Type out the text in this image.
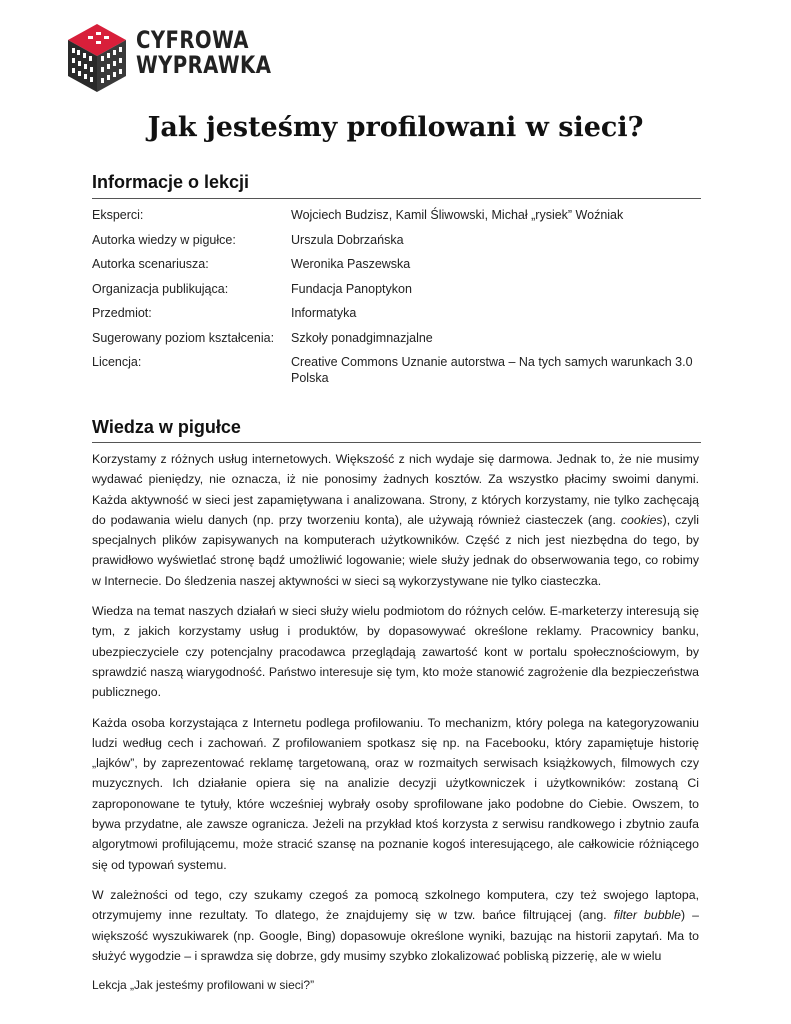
CYFROWA
WYPRAWKA
Jak jesteśmy profilowani w sieci?
Informacje o lekcji
Eksperci:	Wojciech Budzisz, Kamil Śliwowski, Michał „rysiek” Woźniak
Autorka wiedzy w pigułce:	Urszula Dobrzańska
Autorka scenariusza:	Weronika Paszewska
Organizacja publikująca:	Fundacja Panoptykon
Przedmiot:	Informatyka
Sugerowany poziom kształcenia:	Szkoły ponadgimnazjalne
Licencja:	Creative Commons Uznanie autorstwa – Na tych samych warunkach 3.0 Polska
Wiedza w pigułce

Korzystamy z różnych usług internetowych. Większość z nich wydaje się darmowa. Jednak to, że nie musimy wydawać pieniędzy, nie oznacza, iż nie ponosimy żadnych kosztów. Za wszystko płacimy swoimi danymi. Każda aktywność w sieci jest zapamiętywana i analizowana. Strony, z których korzystamy, nie tylko zachęcają do podawania wielu danych (np. przy tworzeniu konta), ale używają również ciasteczek (ang. cookies), czyli specjalnych plików zapisywanych na komputerach użytkowników. Część z nich jest niezbędna do tego, by prawidłowo wyświetlać stronę bądź umożliwić logowanie; wiele służy jednak do obserwowania tego, co robimy w Internecie. Do śledzenia naszej aktywności w sieci są wykorzystywane nie tylko ciasteczka.

Wiedza na temat naszych działań w sieci służy wielu podmiotom do różnych celów. E-marketerzy interesują się tym, z jakich korzystamy usług i produktów, by dopasowywać określone reklamy. Pracownicy banku, ubezpieczyciele czy potencjalny pracodawca przeglądają zawartość kont w portalu społecznościowym, by sprawdzić naszą wiarygodność. Państwo interesuje się tym, kto może stanowić zagrożenie dla bezpieczeństwa publicznego.

Każda osoba korzystająca z Internetu podlega profilowaniu. To mechanizm, który polega na kategoryzowaniu ludzi według cech i zachowań. Z profilowaniem spotkasz się np. na Facebooku, który zapamiętuje historię „lajków”, by zaprezentować reklamę targetowaną, oraz w rozmaitych serwisach książkowych, filmowych czy muzycznych. Ich działanie opiera się na analizie decyzji użytkowniczek i użytkowników: zostaną Ci zaproponowane te tytuły, które wcześniej wybrały osoby sprofilowane jako podobne do Ciebie. Owszem, to bywa przydatne, ale zawsze ogranicza. Jeżeli na przykład ktoś korzysta z serwisu randkowego i zbytnio zaufa algorytmowi profilującemu, może stracić szansę na poznanie kogoś interesującego, ale całkowicie różniącego się od typowań systemu.

W zależności od tego, czy szukamy czegoś za pomocą szkolnego komputera, czy też swojego laptopa, otrzymujemy inne rezultaty. To dlatego, że znajdujemy się w tzw. bańce filtrującej (ang. filter bubble) – większość wyszukiwarek (np. Google, Bing) dopasowuje określone wyniki, bazując na historii zapytań. Ma to służyć wygodzie – i sprawdza się dobrze, gdy musimy szybko zlokalizować pobliską pizzerię, ale w wielu

Lekcja „Jak jesteśmy profilowani w sieci?”
